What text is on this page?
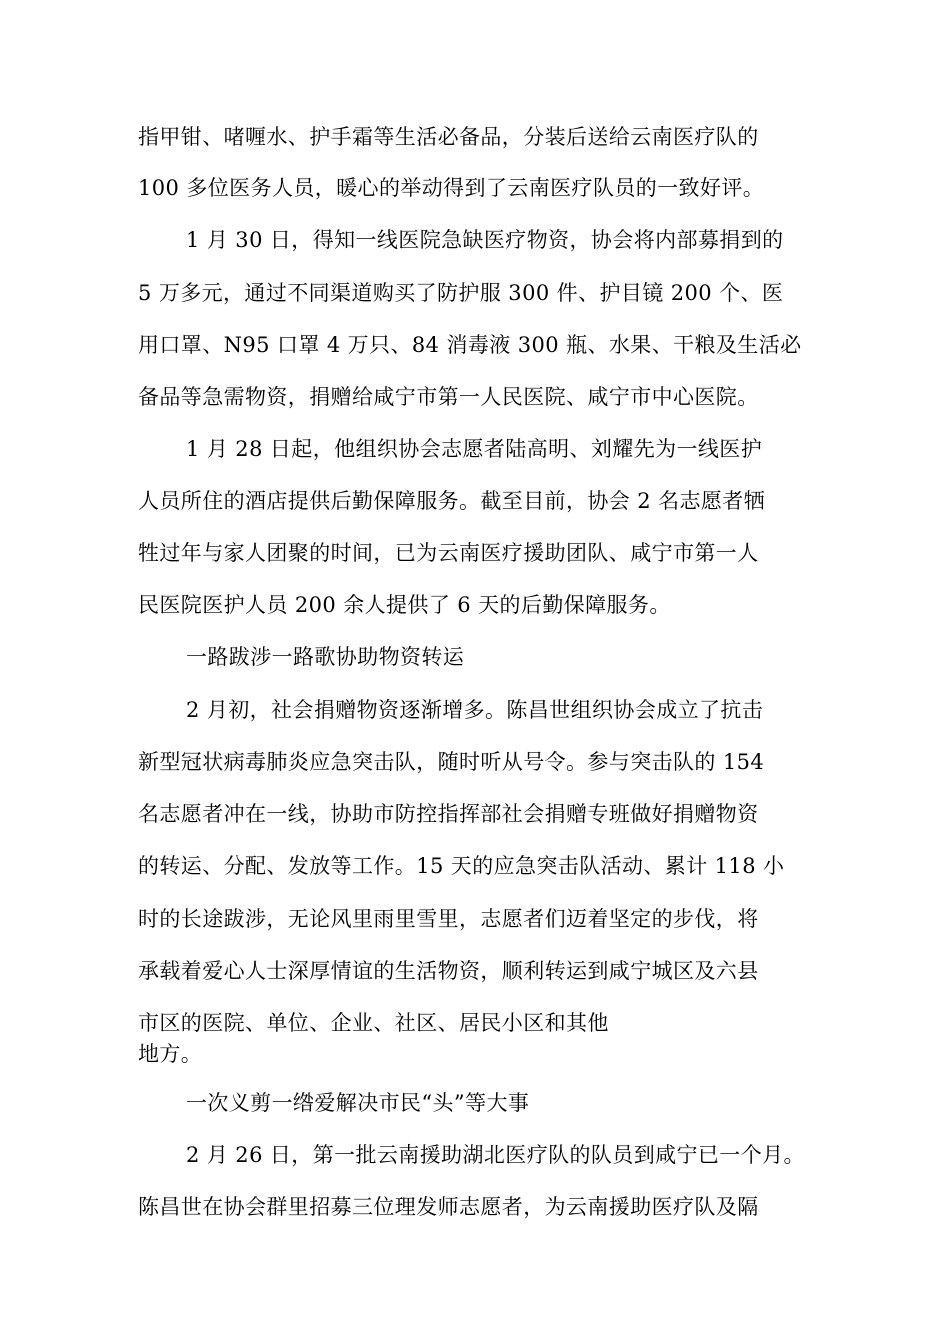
指甲钳、啫喱水、护手霜等生活必备品，分装后送给云南医疗队的
100 多位医务人员，暖心的举动得到了云南医疗队员的一致好评。
1 月 30 日，得知一线医院急缺医疗物资，协会将内部募捐到的
5 万多元，通过不同渠道购买了防护服 300 件、护目镜 200 个、医
用口罩、N95 口罩 4 万只、84 消毒液 300 瓶、水果、干粮及生活必
备品等急需物资，捐赠给咸宁市第一人民医院、咸宁市中心医院。
1 月 28 日起，他组织协会志愿者陆高明、刘耀先为一线医护
人员所住的酒店提供后勤保障服务。截至目前，协会 2 名志愿者牺
牲过年与家人团聚的时间，已为云南医疗援助团队、咸宁市第一人
民医院医护人员 200 余人提供了 6 天的后勤保障服务。
一路跋涉一路歌协助物资转运
2 月初，社会捐赠物资逐渐增多。陈昌世组织协会成立了抗击
新型冠状病毒肺炎应急突击队，随时听从号令。参与突击队的 154
名志愿者冲在一线，协助市防控指挥部社会捐赠专班做好捐赠物资
的转运、分配、发放等工作。15 天的应急突击队活动、累计 118 小
时的长途跋涉，无论风里雨里雪里，志愿者们迈着坚定的步伐，将
承载着爱心人士深厚情谊的生活物资，顺利转运到咸宁城区及六县
市区的医院、单位、企业、社区、居民小区和其他
地方。
一次义剪一绺爱解决市民“头”等大事
2 月 26 日，第一批云南援助湖北医疗队的队员到咸宁已一个月。
陈昌世在协会群里招募三位理发师志愿者，为云南援助医疗队及隔
